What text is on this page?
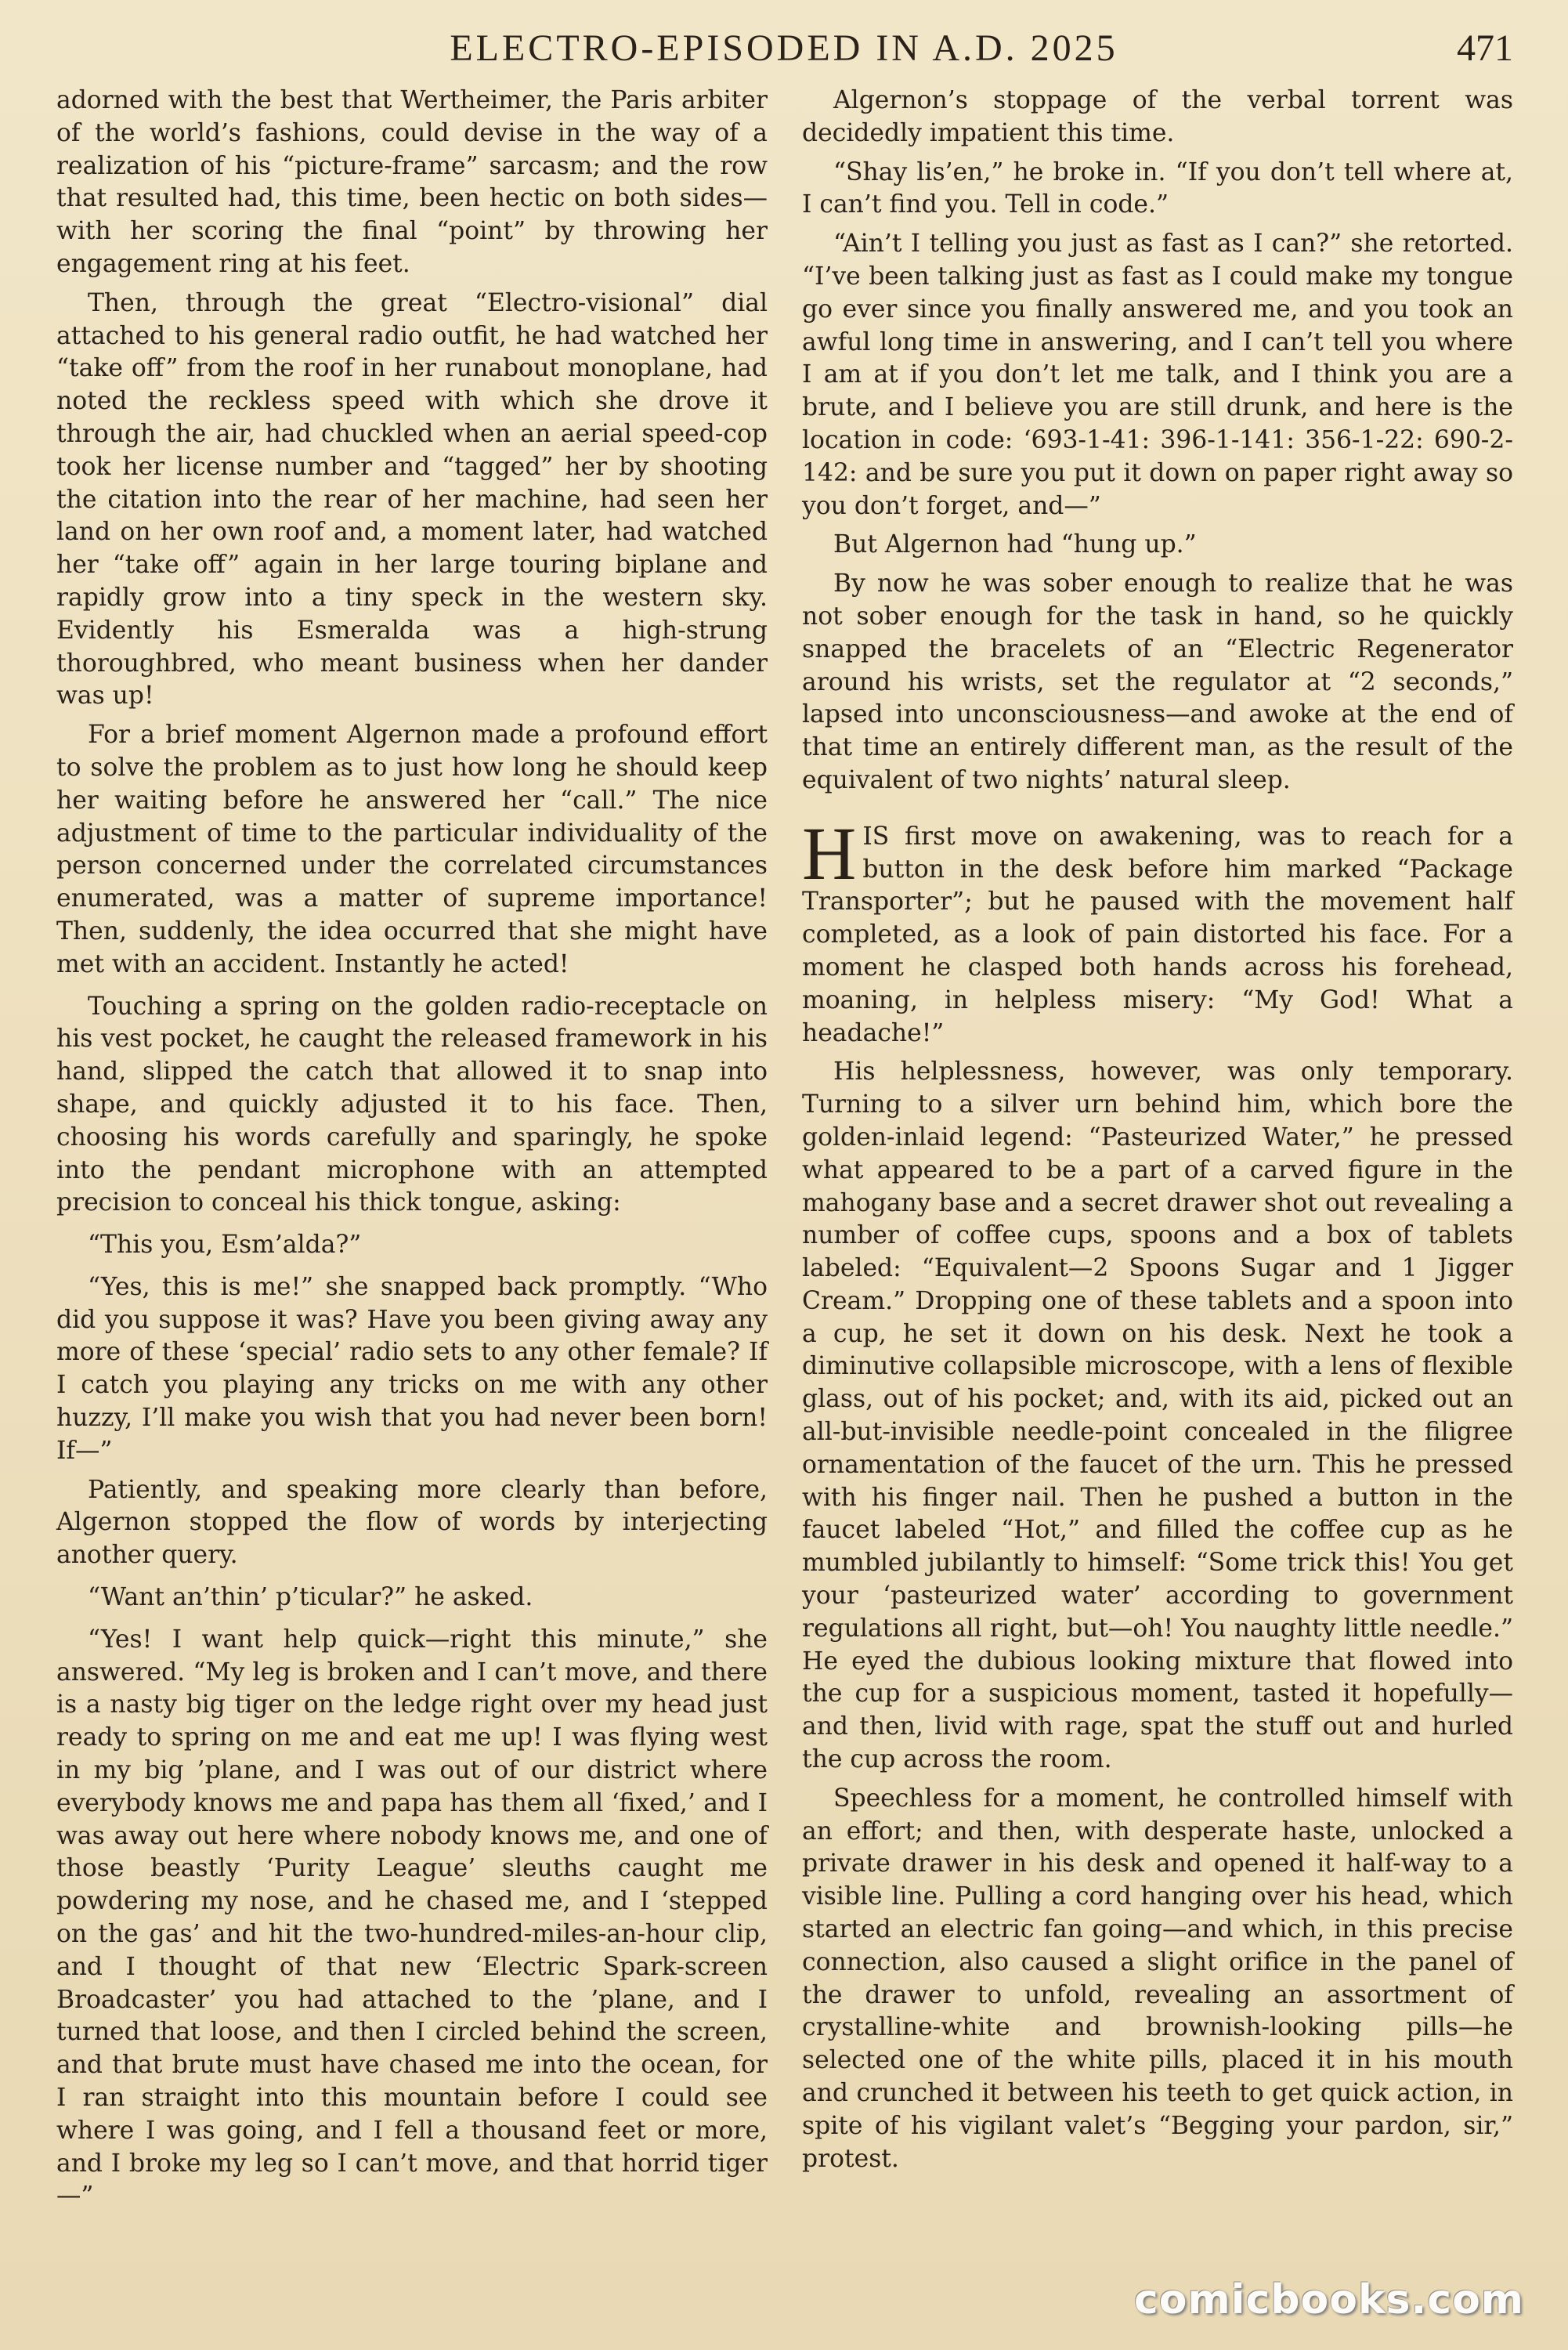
ELECTRO-EPISODED IN A.D. 2025	471

adorned with the best that Wertheimer, the Paris arbiter of the world’s fashions, could devise in the way of a realization of his “picture-frame” sarcasm; and the row that resulted had, this time, been hectic on both sides—with her scoring the final “point” by throwing her engagement ring at his feet.

Then, through the great “Electro-visional” dial attached to his general radio outfit, he had watched her “take off” from the roof in her runabout monoplane, had noted the reckless speed with which she drove it through the air, had chuckled when an aerial speed-cop took her license number and “tagged” her by shooting the citation into the rear of her machine, had seen her land on her own roof and, a moment later, had watched her “take off” again in her large touring biplane and rapidly grow into a tiny speck in the western sky. Evidently his Esmeralda was a high-strung thoroughbred, who meant business when her dander was up!

For a brief moment Algernon made a profound effort to solve the problem as to just how long he should keep her waiting before he answered her “call.” The nice adjustment of time to the particular individuality of the person concerned under the correlated circumstances enumerated, was a matter of supreme importance! Then, suddenly, the idea occurred that she might have met with an accident. Instantly he acted!

Touching a spring on the golden radio-receptacle on his vest pocket, he caught the released framework in his hand, slipped the catch that allowed it to snap into shape, and quickly adjusted it to his face. Then, choosing his words carefully and sparingly, he spoke into the pendant microphone with an attempted precision to conceal his thick tongue, asking:

“This you, Esm’alda?”

“Yes, this is me!” she snapped back promptly. “Who did you suppose it was? Have you been giving away any more of these ‘special’ radio sets to any other female? If I catch you playing any tricks on me with any other huzzy, I’ll make you wish that you had never been born! If—”

Patiently, and speaking more clearly than before, Algernon stopped the flow of words by interjecting another query.

“Want an’thin’ p’ticular?” he asked.

“Yes! I want help quick—right this minute,” she answered. “My leg is broken and I can’t move, and there is a nasty big tiger on the ledge right over my head just ready to spring on me and eat me up! I was flying west in my big ’plane, and I was out of our district where everybody knows me and papa has them all ‘fixed,’ and I was away out here where nobody knows me, and one of those beastly ‘Purity League’ sleuths caught me powdering my nose, and he chased me, and I ‘stepped on the gas’ and hit the two-hundred-miles-an-hour clip, and I thought of that new ‘Electric Spark-screen Broadcaster’ you had attached to the ’plane, and I turned that loose, and then I circled behind the screen, and that brute must have chased me into the ocean, for I ran straight into this mountain before I could see where I was going, and I fell a thousand feet or more, and I broke my leg so I can’t move, and that horrid tiger—”

Algernon’s stoppage of the verbal torrent was decidedly impatient this time.

“Shay lis’en,” he broke in. “If you don’t tell where at, I can’t find you. Tell in code.”

“Ain’t I telling you just as fast as I can?” she retorted. “I’ve been talking just as fast as I could make my tongue go ever since you finally answered me, and you took an awful long time in answering, and I can’t tell you where I am at if you don’t let me talk, and I think you are a brute, and I believe you are still drunk, and here is the location in code: ‘693-1-41: 396-1-141: 356-1-22: 690-2-142: and be sure you put it down on paper right away so you don’t forget, and—”

But Algernon had “hung up.”

By now he was sober enough to realize that he was not sober enough for the task in hand, so he quickly snapped the bracelets of an “Electric Regenerator around his wrists, set the regulator at “2 seconds,” lapsed into unconsciousness—and awoke at the end of that time an entirely different man, as the result of the equivalent of two nights’ natural sleep.

HIS first move on awakening, was to reach for a button in the desk before him marked “Package Transporter”; but he paused with the movement half completed, as a look of pain distorted his face. For a moment he clasped both hands across his forehead, moaning, in helpless misery: “My God! What a headache!”

His helplessness, however, was only temporary. Turning to a silver urn behind him, which bore the golden-inlaid legend: “Pasteurized Water,” he pressed what appeared to be a part of a carved figure in the mahogany base and a secret drawer shot out revealing a number of coffee cups, spoons and a box of tablets labeled: “Equivalent—2 Spoons Sugar and 1 Jigger Cream.” Dropping one of these tablets and a spoon into a cup, he set it down on his desk. Next he took a diminutive collapsible microscope, with a lens of flexible glass, out of his pocket; and, with its aid, picked out an all-but-invisible needle-point concealed in the filigree ornamentation of the faucet of the urn. This he pressed with his finger nail. Then he pushed a button in the faucet labeled “Hot,” and filled the coffee cup as he mumbled jubilantly to himself: “Some trick this! You get your ‘pasteurized water’ according to government regulations all right, but—oh! You naughty little needle.” He eyed the dubious looking mixture that flowed into the cup for a suspicious moment, tasted it hopefully—and then, livid with rage, spat the stuff out and hurled the cup across the room.

Speechless for a moment, he controlled himself with an effort; and then, with desperate haste, unlocked a private drawer in his desk and opened it half-way to a visible line. Pulling a cord hanging over his head, which started an electric fan going—and which, in this precise connection, also caused a slight orifice in the panel of the drawer to unfold, revealing an assortment of crystalline-white and brownish-looking pills—he selected one of the white pills, placed it in his mouth and crunched it between his teeth to get quick action, in spite of his vigilant valet’s “Begging your pardon, sir,” protest.

comicbooks.com
